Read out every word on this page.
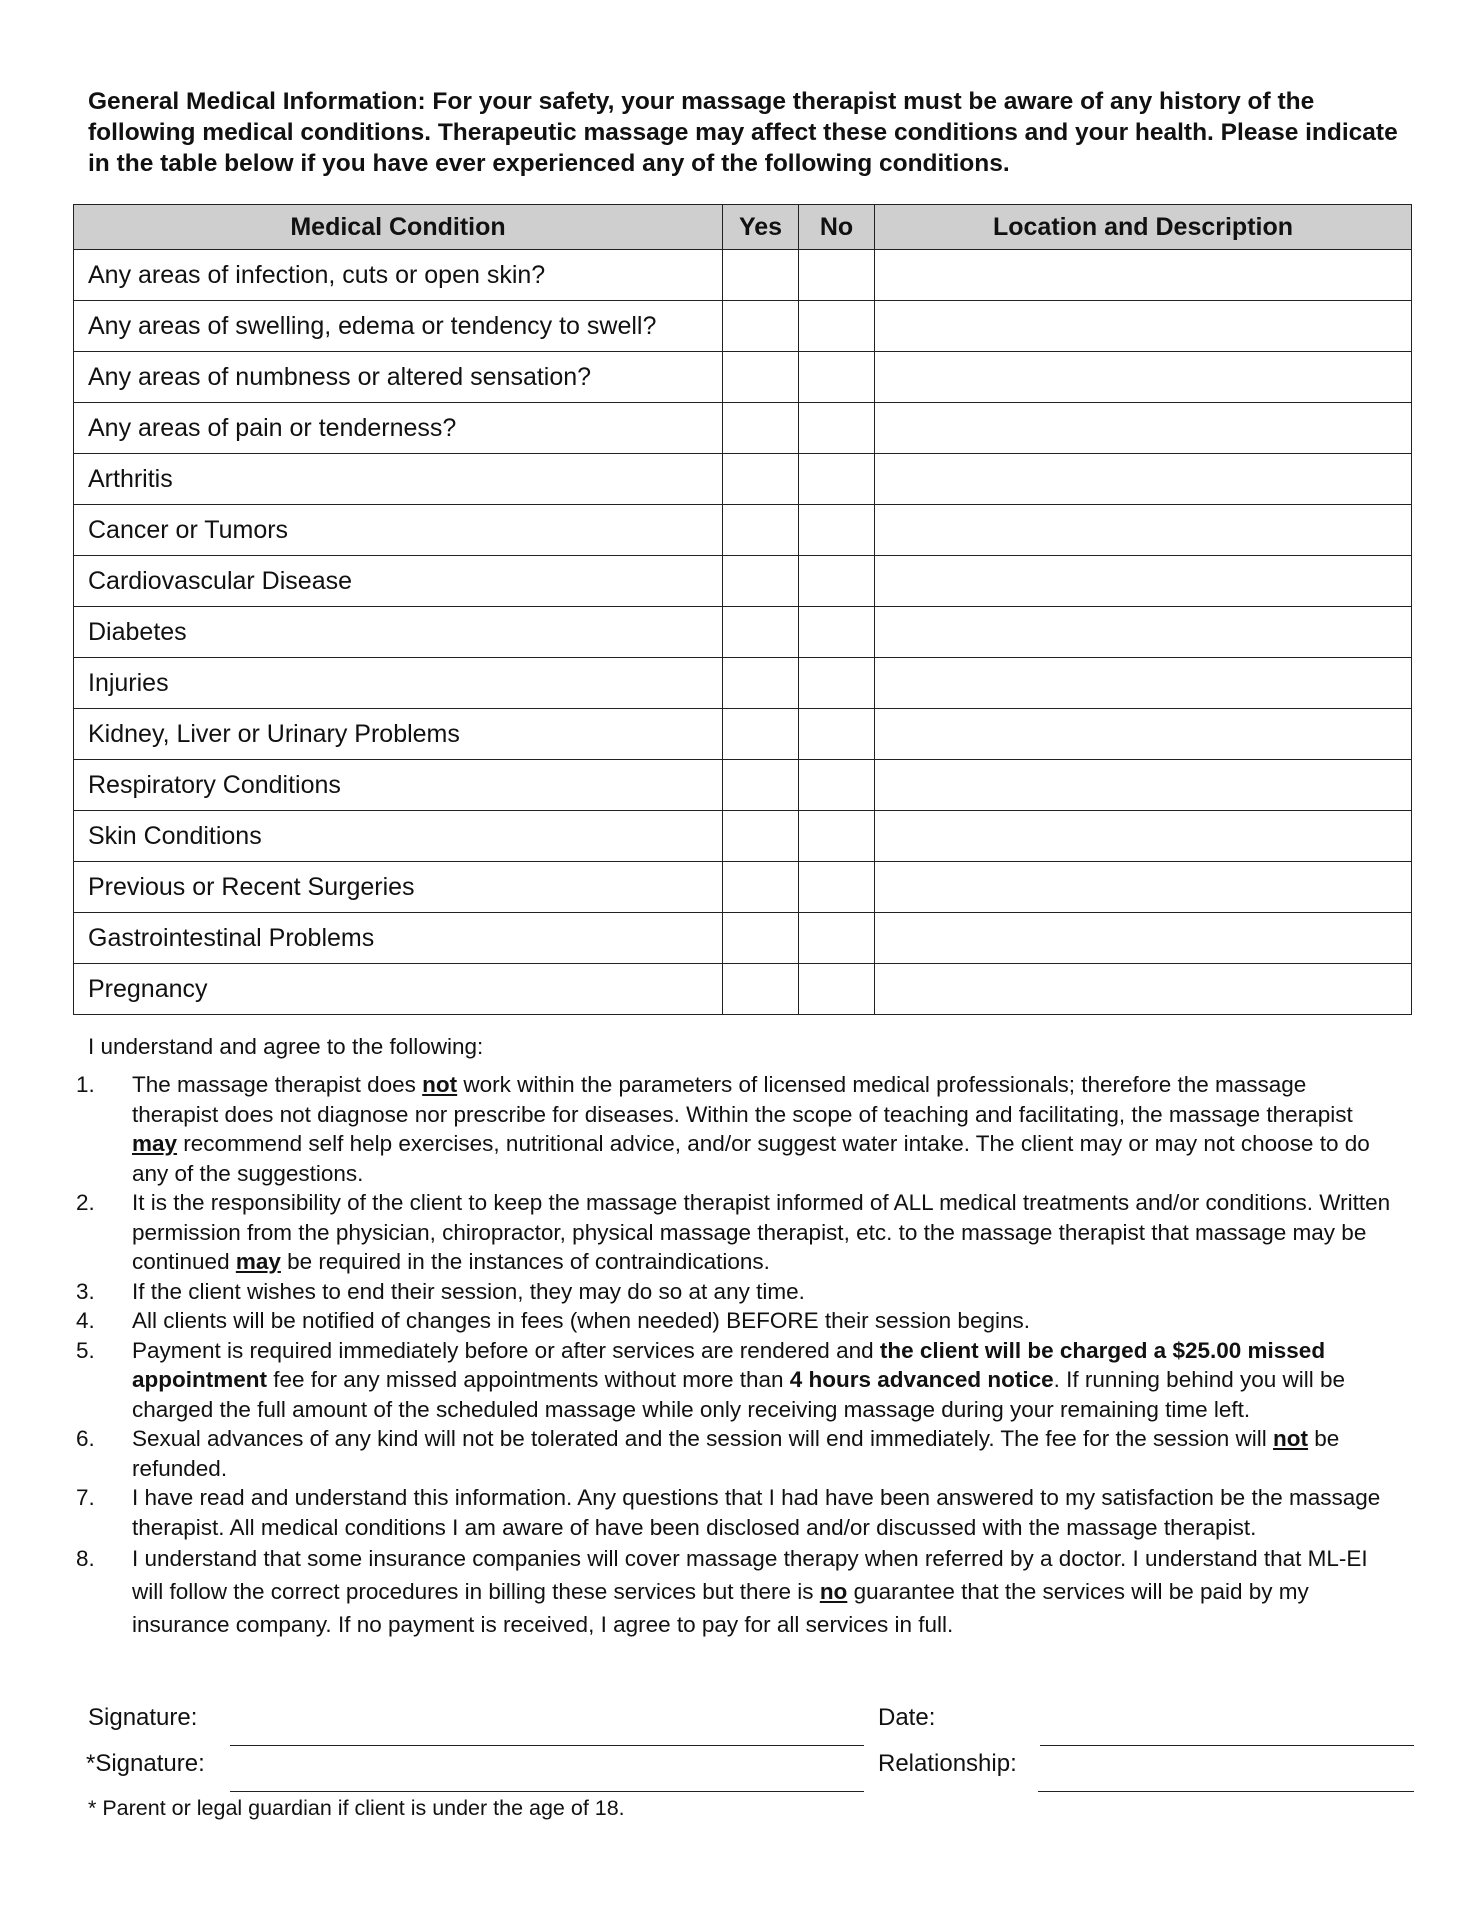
General Medical Information: For your safety, your massage therapist must be aware of any history of the following medical conditions. Therapeutic massage may affect these conditions and your health. Please indicate in the table below if you have ever experienced any of the following conditions.
Medical Condition	Yes	No	Location and Description
Any areas of infection, cuts or open skin?			
Any areas of swelling, edema or tendency to swell?			
Any areas of numbness or altered sensation?			
Any areas of pain or tenderness?			
Arthritis			
Cancer or Tumors			
Cardiovascular Disease			
Diabetes			
Injuries			
Kidney, Liver or Urinary Problems			
Respiratory Conditions			
Skin Conditions			
Previous or Recent Surgeries			
Gastrointestinal Problems			
Pregnancy			
I understand and agree to the following:
1. The massage therapist does not work within the parameters of licensed medical professionals; therefore the massage therapist does not diagnose nor prescribe for diseases. Within the scope of teaching and facilitating, the massage therapist may recommend self help exercises, nutritional advice, and/or suggest water intake. The client may or may not choose to do any of the suggestions.
2. It is the responsibility of the client to keep the massage therapist informed of ALL medical treatments and/or conditions. Written permission from the physician, chiropractor, physical massage therapist, etc. to the massage therapist that massage may be continued may be required in the instances of contraindications.
3. If the client wishes to end their session, they may do so at any time.
4. All clients will be notified of changes in fees (when needed) BEFORE their session begins.
5. Payment is required immediately before or after services are rendered and the client will be charged a $25.00 missed appointment fee for any missed appointments without more than 4 hours advanced notice. If running behind you will be charged the full amount of the scheduled massage while only receiving massage during your remaining time left.
6. Sexual advances of any kind will not be tolerated and the session will end immediately. The fee for the session will not be refunded.
7. I have read and understand this information. Any questions that I had have been answered to my satisfaction be the massage therapist. All medical conditions I am aware of have been disclosed and/or discussed with the massage therapist.
8. I understand that some insurance companies will cover massage therapy when referred by a doctor. I understand that ML-EI will follow the correct procedures in billing these services but there is no guarantee that the services will be paid by my insurance company. If no payment is received, I agree to pay for all services in full.
Signature:	Date:
*Signature:	Relationship:
* Parent or legal guardian if client is under the age of 18.
